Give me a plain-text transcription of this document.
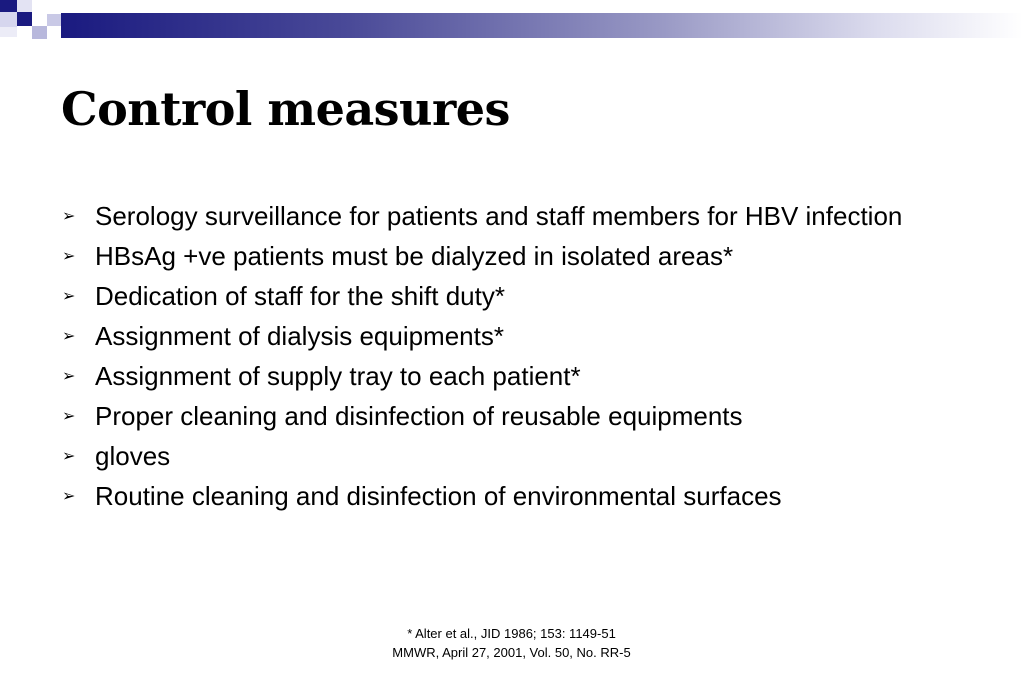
Control measures
➢ Serology surveillance for patients and staff members for HBV infection
➢ HBsAg +ve patients must be dialyzed in isolated areas*
➢ Dedication of staff for the shift duty*
➢ Assignment of dialysis equipments*
➢ Assignment of supply tray to each patient*
➢ Proper cleaning and disinfection of reusable equipments
➢ gloves
➢ Routine cleaning and disinfection of environmental surfaces
* Alter et al., JID 1986; 153: 1149-51
MMWR, April 27, 2001, Vol. 50, No. RR-5
